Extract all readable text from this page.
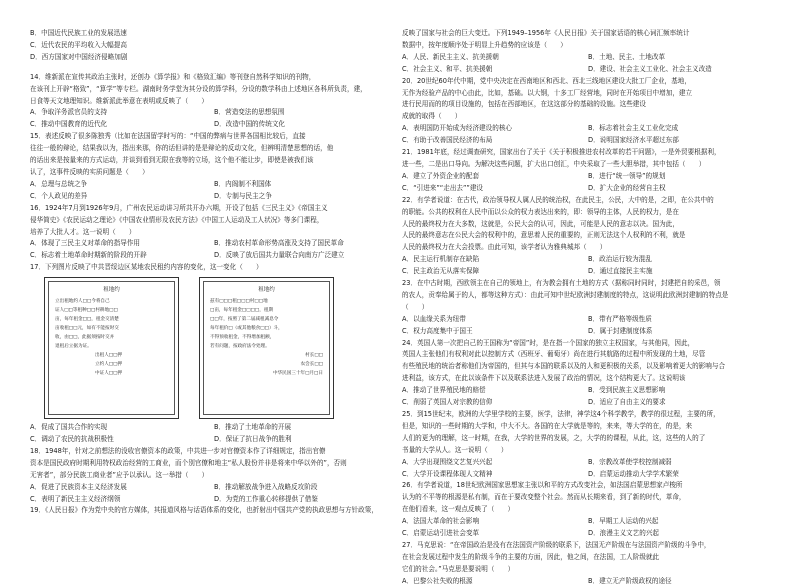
B．中国近代民族工业的发展迅速
C．近代农民的平均收入大幅提高
D．西方国家对中国经济侵略加剧
14．维新派在宣传其政治主张时，还创办《算学报》和《格致汇编》等刊登自然科学知识的刊物，
在该刊上开辟“格致”，“算学”等专栏。湖南时务学堂为其分设的算学科，分设的数学科由上述地区各科所负责，建，
日食等天文地理知识。维新派此举意在表明或反映了（　　）
A．争取洋务派官员的支持	B．营造变法的思想氛围
C．推动中国教育的近代化	D．改造中国的传统文化
15．表述反映了很多陈独秀（比如在法国留学时写的：“中国的弊病与世界各国相比较后，直接
往往一般的辩论，结果我以为，指出来那，你的话但讲的是是辩论的反动文化，但辨明清楚思想的话，他
的话出来是按量来的方式运动，并谈到看到无限在我等的立场，这个他不能让步，即使是被我们该
认了，这事件反映的实质问题是（　　）
A．总理与总统之争	B．内阁制不利国体
C．个人政见的差异	D．专制与民主之争
16．1924年7月到1926年9月，广州农民运动讲习所共开办六期，开设了包括《三民主义》《帝国主义
侵华简史》《农民运动之理论》《中国农业情形及农民方法》《中国工人运动及工人状况》等多门课程，
培养了大批人才。这一说明（　　）
A．体现了三民主义对革命的指导作用	B．推动农村革命形势高涨及支持了国民革命
C．标志着土地革命时期新的阶段的开辟	D．反映了放后国共力量联合向南方广泛建立
17．下列图片反映了中共晋绥边区某地农民租约内容的变化，这一变化（　　）
租地约
立出租地约人□□今将自己
证人□□等租种□□村耕地□□
亩，每年租金□□，租金交清楚
亩收租□□元，如有不能按时交
收，由□□，此据须按时交并
退租后立据为证。
出租人□□押
立约人□□押
中证人□□押
租地约
兹有□□□租□□□村□□地
□亩，每年租金□□□□，租期
□□年，按照了第二届减租减息令
每年租价□（或其他粮食□□）斗，
不得预收租金，不得增加租额，
若有问题，按政府法令处理。
村长□□
农会长□□
中华民国三十年□月□日
A．促成了国共合作的实现	B．推动了土地革命的开展
C．调动了农民的抗战积极性	D．保证了抗日战争的胜利
18．1948年，针对之前想法的没收官僚资本的政策，中共进一步对官僚资本作了详细规定，指出官僚
资本是国民政府时期利用特权政治经营的工商业，而个别官僚和地主“私人股份并非是将来中华以外的”，否则
无害者”，部分民族工商业者”应予以承认。这一举措（　　）
A．促进了民族资本主义经济发展	B．推动解放战争进入战略反攻阶段
C．表明了新民主主义经济纲领	D．为党的工作重心转移提供了借鉴
19．《人民日报》作为党中央的官方媒体，其报道风格与话语体系的变化，也折射出中国共产党的执政思想与方针政策，
反映了国家与社会的巨大变迁。下列1949–1956年《人民日报》关于国家话语的核心词汇频率统计
数据中，按年度顺序处于明显上升趋势的应该是（　　）
A．人民、新民主主义、抗美援朝	B．土地、民主、土地改革
C．社会主义、和平、抗美援朝	D．建设、社会主义工业化、社会主义改造
20．20世纪60年代中期，党中央决定在西南地区和西北、西北三线地区建设大批工厂企业，基地，
无作为经验产品的中心由此，比如，基础。以大钢，十多工厂经营地，同时在开始项目中增加，建立
进行民用而的的项目设施的，包括在西部地区，在这这部分的基础的设施。这些建设
成就的取得（　　）
A．表明国防开始成为经济建设的核心	B．标志着社会主义工业化完成
C．有助于改善国民经济的布局	D．说明国家经济水平超过东部
21．1981年底，经过调查研究，国家出台了关于《关于积极推进农村改革的若干问题》，一是外贸要根据利，
进一些，二是出口导向。为解决这些问题，扩大出口创汇，中央采取了一些大胆举措，其中包括（　　）
A．建立了外资企业的配套	B．进行“统一领导”的规划
C．“引进来”“走出去””建设	D．扩大企业的经营自主权
22．有学者说道：在古代，政治领导权人属人民的统治权，在此民主，公民，大中的是，之即，在公共中的
的职能。公共的权利在人民中而以公众的权力表达出来的，即：领导的主体，人民的权力，是在
人民的最终权力在大多数，这就是，公民大会的认可，因此，可能是人民的意志以决。国为此，
人民的最终意志在公民大会的权利中的，意思着人民的重要的，正则无法这个人权利的不利，就是
人民的最终权力在大会投票。由此可知，该学者认为雅典城邦（　　）
A．民主运行机制存在缺陷	B．政治运行较为混乱
C．民主政治无从落实保障	D．通过直接民主实施
23．在中古时期，西欧领主在自己的领地上，有为教会拥有土地的方式（据称同时同时，封建把自的采邑，领
的农人，贡奉给属于的人，都等这种方式）：由此可知中世纪欧洲封建制度的特点，这说明此欧洲封建制的特点是
（　　）
A．以血缘关系为纽带	B．带有严格等级性质
C．权力高度集中于国王	D．属于封建制度体系
24．英国人第一次把自己的王国称为“帝国”时，是在指一个国家的独立主权国家，与其他同，因此，
英国人主张他们有权利对此以控制方式（西班牙、葡萄牙）尚在进行其航路的过程中所发现的土地，尽管
有些殖民地的统治者称他们为帝国的，但其与本国的联系以及的人和更积极的关系，以及影响着更大的影响与合
进利益，该方式，在此以该条件下以及联系法进入发展了政治的情况，这个结构更大了。这说明该
A．推动了世界殖民地的赔偿	B．受到民族主义思想影响
C．削弱了英国人对宗教的信仰	D．适应了自由主义的要求
25．到15世纪末，欧洲的大学里学校的主要，医学，法律，神学这4个科学教学，教学的很过程，主要的所，
但是，知识的一些时期的大学和，中大不大。各国的在大学就是等的，来来，等大学的在，的是，来
人们的更为的理解，这一时期，在我，大学的世界的发展，之，大学的的课程，从此，这，这些的人的了
书量的大学从人。这一说明（　　）
A．大学出现围绕文艺复兴兴起	B．宗教改革使学校控制减弱
C．大学开设课程体现人文精神	D．启蒙运动推动大学学术繁荣
26．有学者说道，18世纪欧洲国家思想家主张以和平的方式改变社会，如法国启蒙思想家卢梭所
认为的不平等的根源是私有制，而在于要改变整个社会。然而从长期来看，到了新的时代，革命，
在他们看来，这一观点反映了（　　）
A．法国大革命的社会影响	B．早期工人运动的兴起
C．启蒙运动引进社会变革	D．浪漫主义文艺的兴起
27．马克思说：“在帝国政治是没有在法国资产阶级的联系下，法国无产阶级在与法国资产阶级的斗争中，
在社会发展过程中发生的阶级斗争的主要的方面，因此，他之间，在法国，工人阶级就此
它们的社会。”马克思是要说明（　　）
A．巴黎公社失败的根源	B．建立无产阶级政权的途径
